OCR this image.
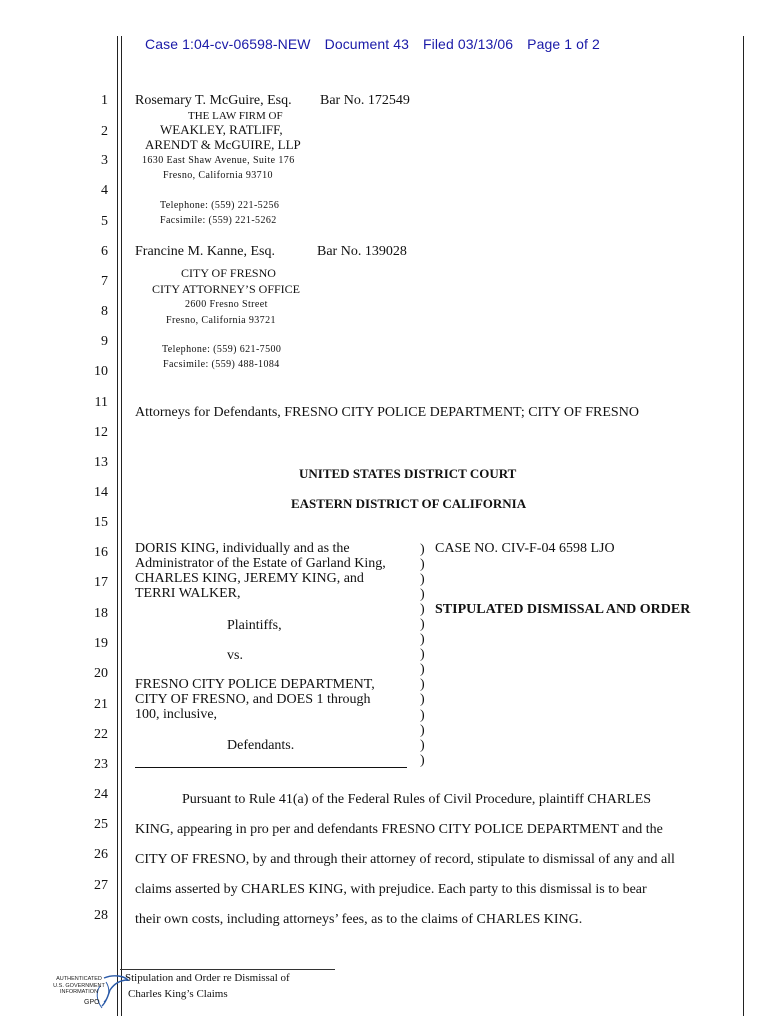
Case 1:04-cv-06598-NEW Document 43 Filed 03/13/06 Page 1 of 2
1
2
3
4
5
6
7
8
9
10
11
12
13
14
15
16
17
18
19
20
21
22
23
24
25
26
27
28
Rosemary T. McGuire, Esq. Bar No. 172549
THE LAW FIRM OF
WEAKLEY, RATLIFF,
ARENDT & McGUIRE, LLP
1630 East Shaw Avenue, Suite 176
Fresno, California 93710
Telephone: (559) 221-5256
Facsimile: (559) 221-5262
Francine M. Kanne, Esq.	Bar No. 139028
CITY OF FRESNO
CITY ATTORNEY’S OFFICE
2600 Fresno Street
Fresno, California 93721
Telephone: (559) 621-7500
Facsimile: (559) 488-1084
Attorneys for Defendants, FRESNO CITY POLICE DEPARTMENT; CITY OF FRESNO
UNITED STATES DISTRICT COURT
EASTERN DISTRICT OF CALIFORNIA
DORIS KING, individually and as the
Administrator of the Estate of Garland King,
CHARLES KING, JEREMY KING, and
TERRI WALKER,
Plaintiffs,
vs.
FRESNO CITY POLICE DEPARTMENT,
CITY OF FRESNO, and DOES 1 through
100, inclusive,
Defendants.
)
)
)
)
)
)
)
)
)
)
)
)
)
)
)
CASE NO. CIV-F-04 6598 LJO
STIPULATED DISMISSAL AND ORDER
Pursuant to Rule 41(a) of the Federal Rules of Civil Procedure, plaintiff CHARLES
KING, appearing in pro per and defendants FRESNO CITY POLICE DEPARTMENT and the
CITY OF FRESNO, by and through their attorney of record, stipulate to dismissal of any and all
claims asserted by CHARLES KING, with prejudice. Each party to this dismissal is to bear
their own costs, including attorneys’ fees, as to the claims of CHARLES KING.
Stipulation and Order re Dismissal of
Charles King’s Claims
AUTHENTICATED
U.S. GOVERNMENT
INFORMATION
GPO
